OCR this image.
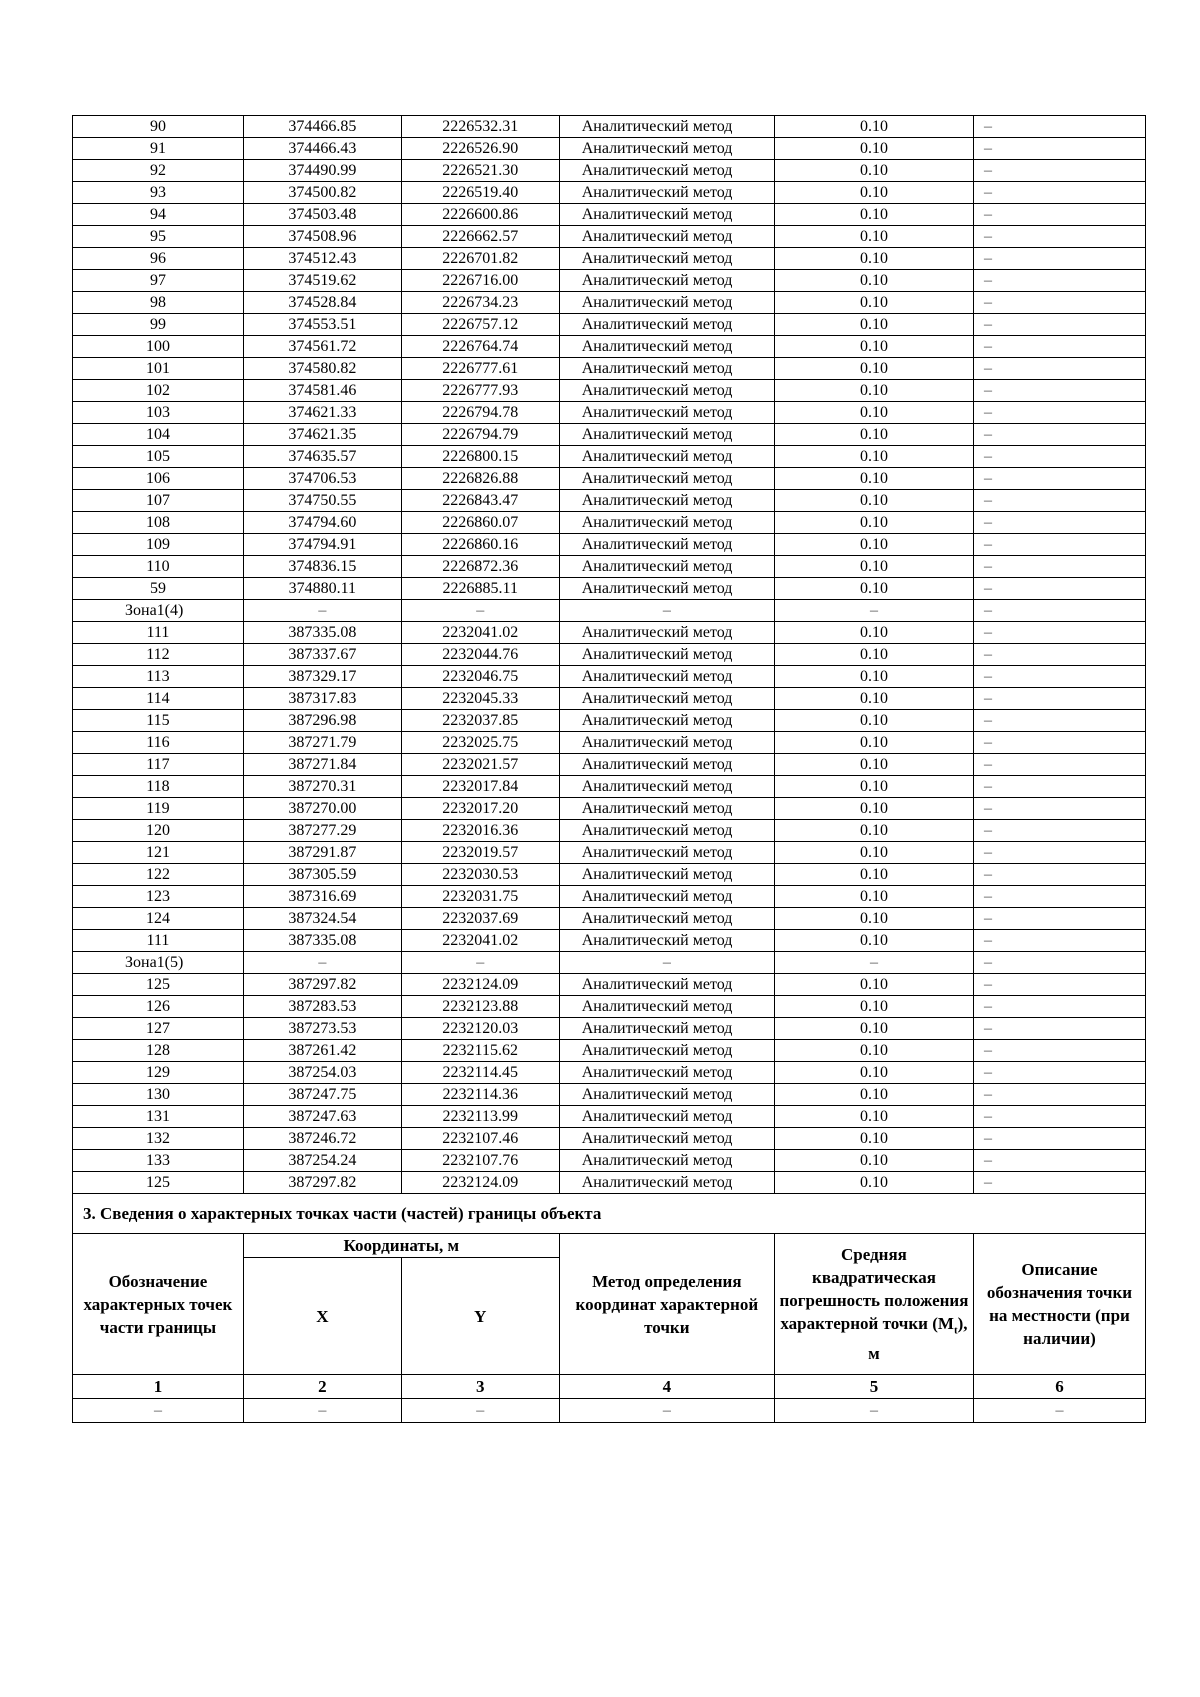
90	374466.85	2226532.31	Аналитический метод	0.10	–
91	374466.43	2226526.90	Аналитический метод	0.10	–
92	374490.99	2226521.30	Аналитический метод	0.10	–
93	374500.82	2226519.40	Аналитический метод	0.10	–
94	374503.48	2226600.86	Аналитический метод	0.10	–
95	374508.96	2226662.57	Аналитический метод	0.10	–
96	374512.43	2226701.82	Аналитический метод	0.10	–
97	374519.62	2226716.00	Аналитический метод	0.10	–
98	374528.84	2226734.23	Аналитический метод	0.10	–
99	374553.51	2226757.12	Аналитический метод	0.10	–
100	374561.72	2226764.74	Аналитический метод	0.10	–
101	374580.82	2226777.61	Аналитический метод	0.10	–
102	374581.46	2226777.93	Аналитический метод	0.10	–
103	374621.33	2226794.78	Аналитический метод	0.10	–
104	374621.35	2226794.79	Аналитический метод	0.10	–
105	374635.57	2226800.15	Аналитический метод	0.10	–
106	374706.53	2226826.88	Аналитический метод	0.10	–
107	374750.55	2226843.47	Аналитический метод	0.10	–
108	374794.60	2226860.07	Аналитический метод	0.10	–
109	374794.91	2226860.16	Аналитический метод	0.10	–
110	374836.15	2226872.36	Аналитический метод	0.10	–
59	374880.11	2226885.11	Аналитический метод	0.10	–
Зона1(4)	–	–	–	–	–
111	387335.08	2232041.02	Аналитический метод	0.10	–
112	387337.67	2232044.76	Аналитический метод	0.10	–
113	387329.17	2232046.75	Аналитический метод	0.10	–
114	387317.83	2232045.33	Аналитический метод	0.10	–
115	387296.98	2232037.85	Аналитический метод	0.10	–
116	387271.79	2232025.75	Аналитический метод	0.10	–
117	387271.84	2232021.57	Аналитический метод	0.10	–
118	387270.31	2232017.84	Аналитический метод	0.10	–
119	387270.00	2232017.20	Аналитический метод	0.10	–
120	387277.29	2232016.36	Аналитический метод	0.10	–
121	387291.87	2232019.57	Аналитический метод	0.10	–
122	387305.59	2232030.53	Аналитический метод	0.10	–
123	387316.69	2232031.75	Аналитический метод	0.10	–
124	387324.54	2232037.69	Аналитический метод	0.10	–
111	387335.08	2232041.02	Аналитический метод	0.10	–
Зона1(5)	–	–	–	–	–
125	387297.82	2232124.09	Аналитический метод	0.10	–
126	387283.53	2232123.88	Аналитический метод	0.10	–
127	387273.53	2232120.03	Аналитический метод	0.10	–
128	387261.42	2232115.62	Аналитический метод	0.10	–
129	387254.03	2232114.45	Аналитический метод	0.10	–
130	387247.75	2232114.36	Аналитический метод	0.10	–
131	387247.63	2232113.99	Аналитический метод	0.10	–
132	387246.72	2232107.46	Аналитический метод	0.10	–
133	387254.24	2232107.76	Аналитический метод	0.10	–
125	387297.82	2232124.09	Аналитический метод	0.10	–
3. Сведения о характерных точках части (частей) границы объекта
Обозначение характерных точек части границы	Координаты, м		Метод определения координат характерной точки	Средняя квадратическая погрешность положения характерной точки $(M_t)$, м	Описание обозначения точки на местности (при наличии)
	X	Y			
1	2	3	4	5	6
–	–	–	–	–	–
